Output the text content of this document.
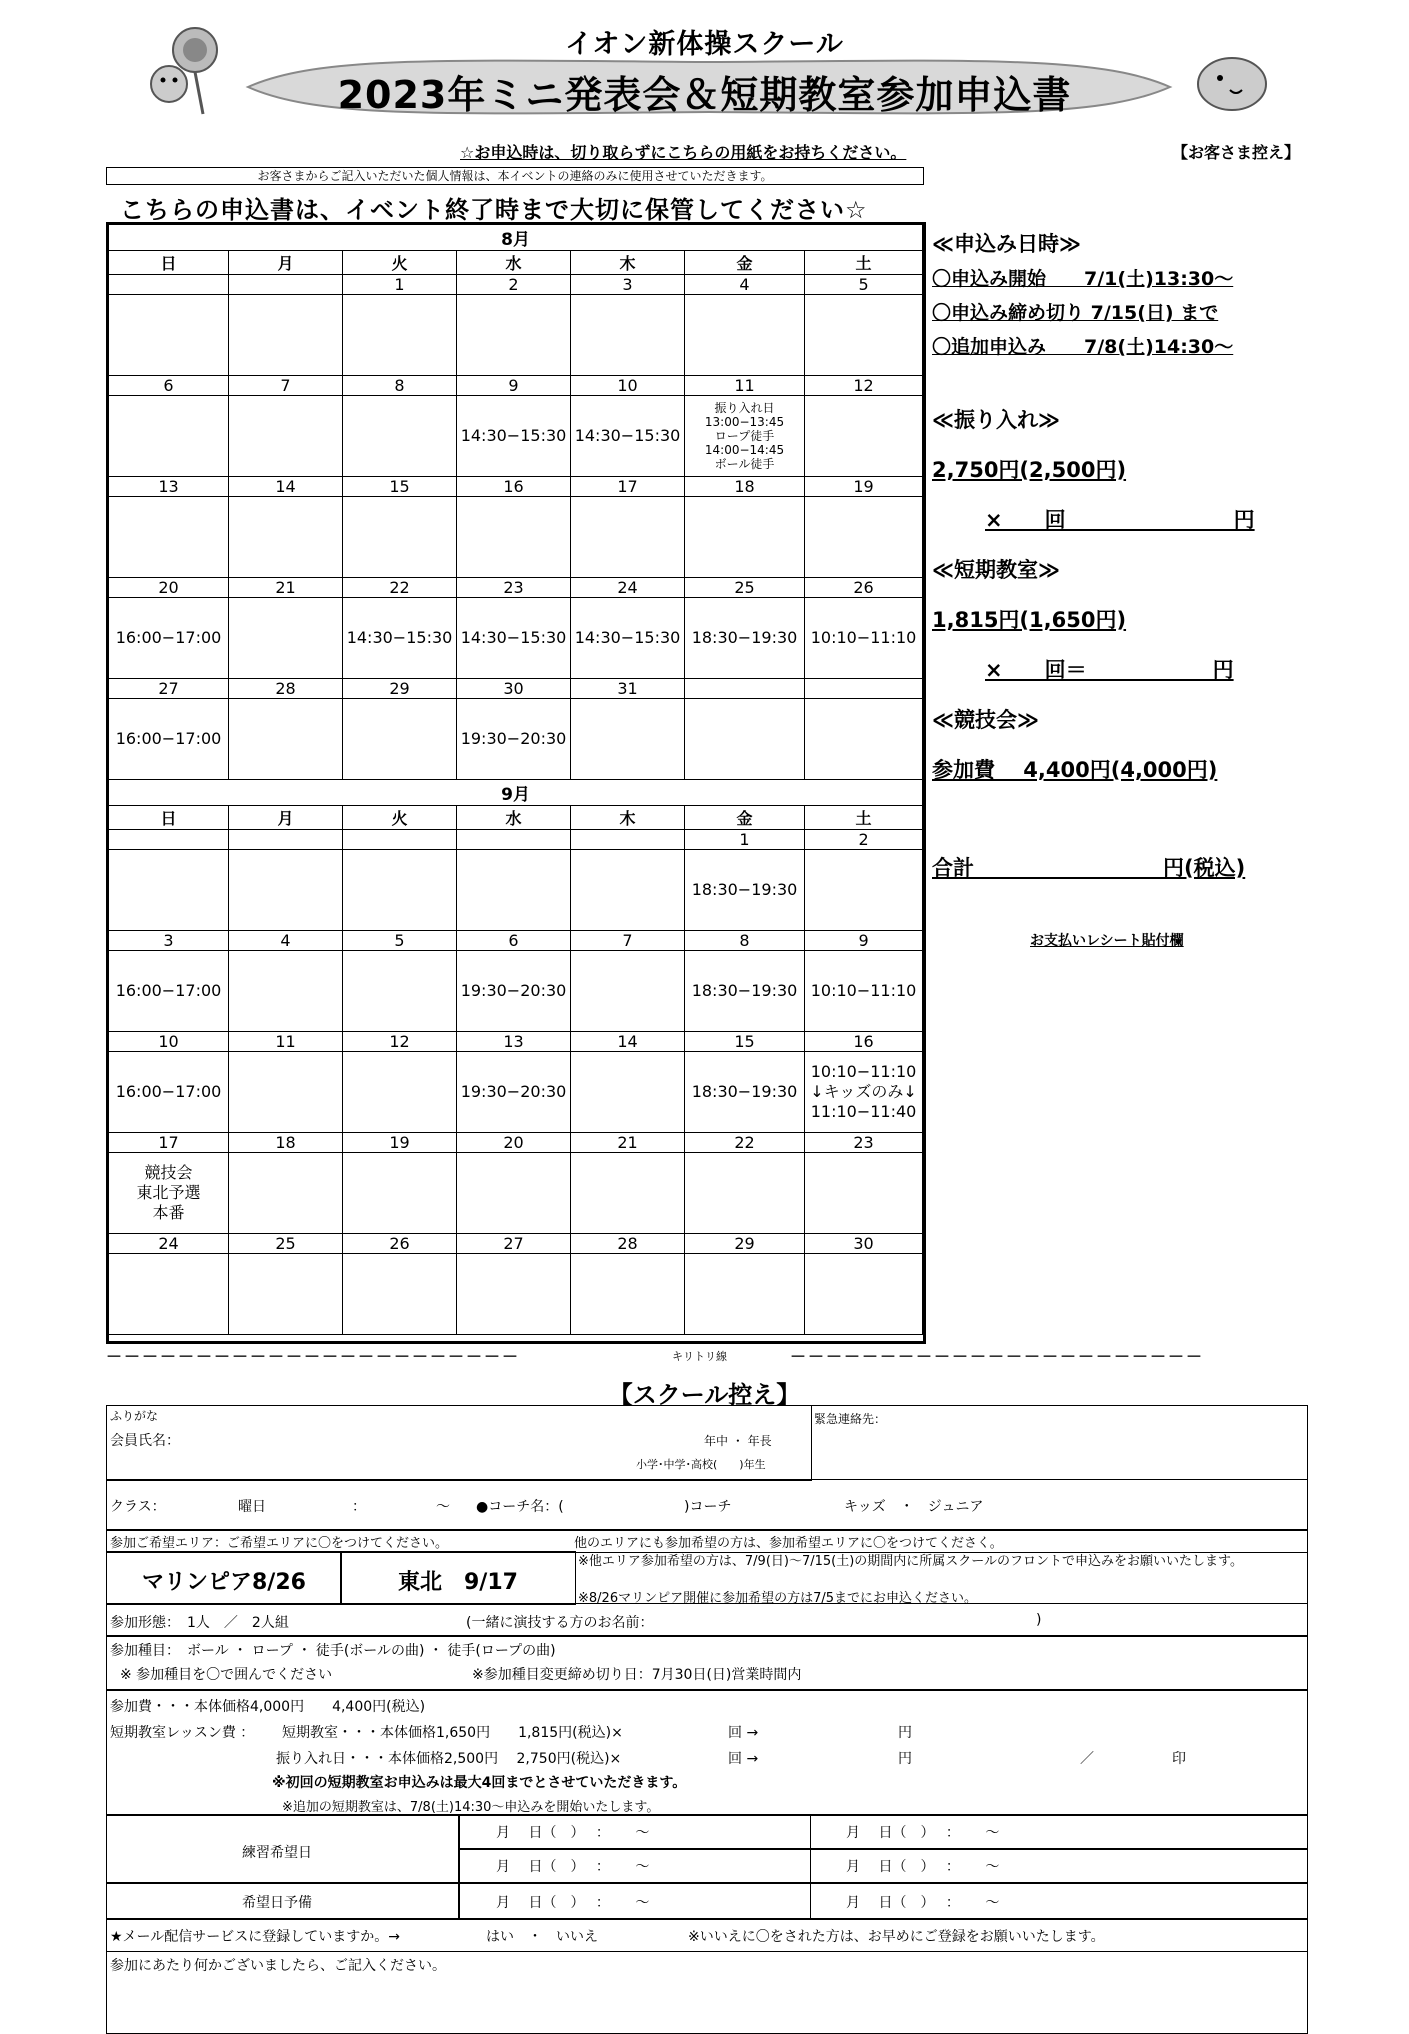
イオン新体操スクール
2023年ミニ発表会＆短期教室参加申込書
☆お申込時は、切り取らずにこちらの用紙をお持ちください。	【お客さま控え】
お客さまからご記入いただいた個人情報は、本イベントの連絡のみに使用させていただきます。
こちらの申込書は、イベント終了時まで大切に保管してください☆
8月						
日	月	火	水	木	金	土
		1	2	3	4	5

6	7	8	9	10	11	12
			14:30−15:30	14:30−15:30	振り入れ日
13:00−13:45
ロープ徒手
14:00−14:45
ボール徒手	
13	14	15	16	17	18	19

20	21	22	23	24	25	26
16:00−17:00		14:30−15:30	14:30−15:30	14:30−15:30	18:30−19:30	10:10−11:10
27	28	29	30	31		
16:00−17:00			19:30−20:30			
9月						
日	月	火	水	木	金	土
					1	2
					18:30−19:30	
3	4	5	6	7	8	9
16:00−17:00			19:30−20:30		18:30−19:30	10:10−11:10
10	11	12	13	14	15	16
16:00−17:00			19:30−20:30		18:30−19:30	10:10−11:10
↓キッズのみ↓
11:10−11:40
17	18	19	20	21	22	23
競技会
東北予選
本番						
24	25	26	27	28	29	30

≪申込み日時≫
〇申込み開始　　7/1(土)13:30〜
〇申込み締め切り 7/15(日) まで
〇追加申込み　　7/8(土)14:30〜
≪振り入れ≫
2,750円(2,500円)
×　　回　　　　　　　　円
≪短期教室≫
1,815円(1,650円)
×　　回＝　　　　　　円
≪競技会≫
参加費　 4,400円(4,000円)
合計　　　　　　　　　円(税込)
お支払いレシート貼付欄
－－－－－－－－－－－－－－－－－－－－－－－	キリトリ線	－－－－－－－－－－－－－－－－－－－－－－－
【スクール控え】
ふりがな
会員氏名：	年中 ・ 年長
小学･中学･高校(　　)年生
緊急連絡先：
クラス：	曜日	：	〜 ●コーチ名：(	)コーチ	キッズ　・　ジュニア
参加ご希望エリア：ご希望エリアに〇をつけてください。	他のエリアにも参加希望の方は、参加希望エリアに〇をつけてくださく。
マリンピア8/26	東北　9/17
※他エリア参加希望の方は、7/9(日)〜7/15(土)の期間内に所属スクールのフロントで申込みをお願いいたします。
※8/26マリンピア開催に参加希望の方は7/5までにお申込ください。
参加形態：　1人　／　2人組	(一緒に演技する方のお名前：	)
参加種目：　ボール ・ ロープ ・ 徒手(ボールの曲) ・ 徒手(ロープの曲)
※ 参加種目を〇で囲んでください	※参加種目変更締め切り日：7月30日(日)営業時間内
参加費・・・本体価格4,000円　　4,400円(税込)
短期教室レッスン費 ： 短期教室・・・本体価格1,650円　　1,815円(税込)×	回 →	円
振り入れ日・・・本体価格2,500円　 2,750円(税込)×	回 →	円	／	印
※初回の短期教室お申込みは最大4回までとさせていただきます。
※追加の短期教室は、7/8(土)14:30〜申込みを開始いたします。
練習希望日
月　 日（　）　 ：　　 〜	月　 日（　）　 ：　　 〜
月　 日（　）　 ：　　 〜	月　 日（　）　 ：　　 〜
希望日予備	月　 日（　）　 ：　　 〜	月　 日（　）　 ：　　 〜
★メール配信サービスに登録していますか。→	はい　・　いいえ	※いいえに〇をされた方は、お早めにご登録をお願いいたします。
参加にあたり何かございましたら、ご記入ください。
